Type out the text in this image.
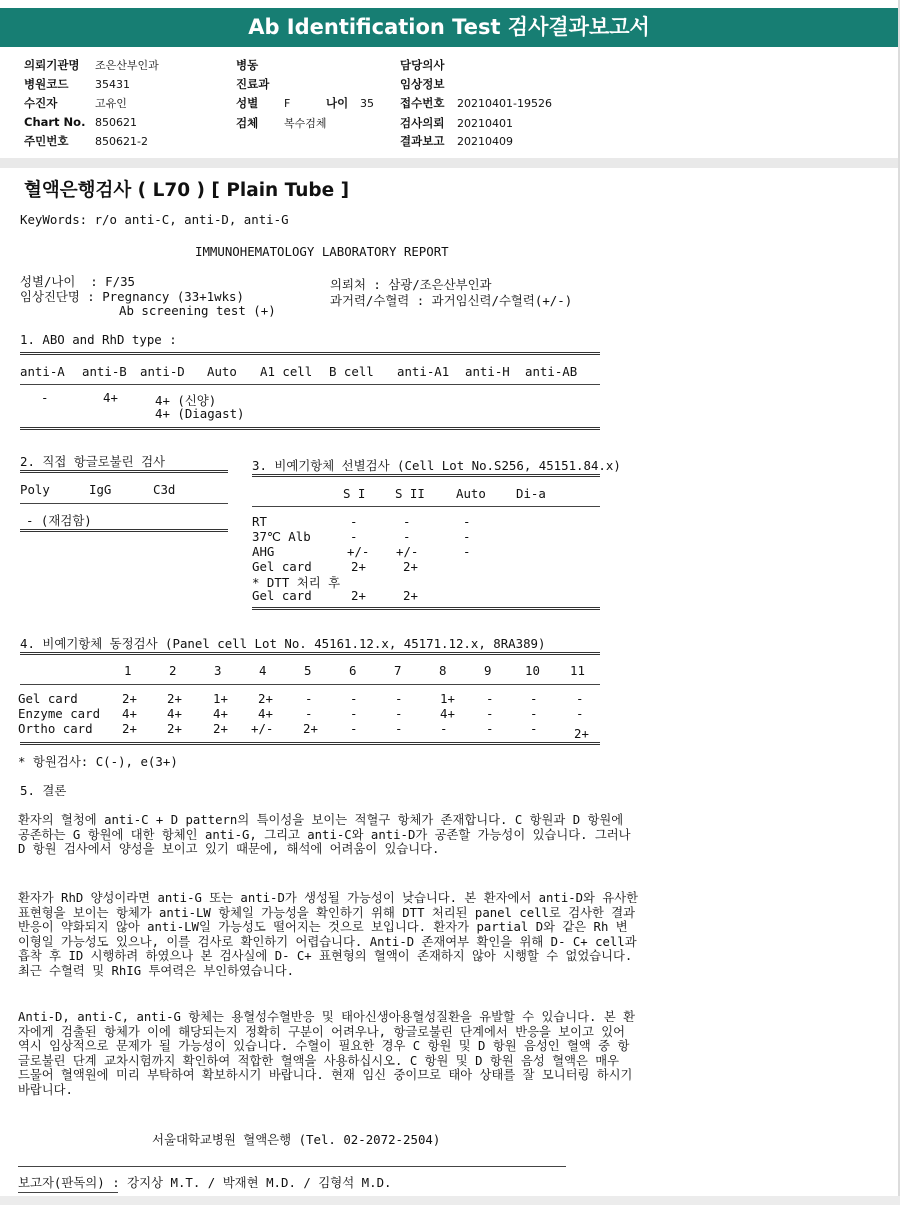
Ab Identification Test 검사결과보고서
의뢰기관명 조은산부인과
병원코드 35431
수진자	고유인
Chart No. 850621
주민번호 850621-2
병동
진료과
성별 F	나이 35
검체 복수검체
담당의사
임상정보
접수번호 20210401-19526
검사의뢰 20210401
결과보고 20210409
혈액은행검사 ( L70 ) [ Plain Tube ]
KeyWords: r/o anti-C, anti-D, anti-G
IMMUNOHEMATOLOGY LABORATORY REPORT
성별/나이  : F/35
임상진단명 : Pregnancy (33+1wks)
Ab screening test (+)
의뢰처 : 삼광/조은산부인과
과거력/수혈력 : 과거임신력/수혈력(+/-)
1. ABO and RhD type :
anti-A anti-B anti-D Auto A1 cell B cell anti-A1 anti-H anti-AB
-	4+	4+ (신양)
4+ (Diagast)
2. 직접 항글로불린 검사
Poly	IgG	C3d
- (재검함)
3. 비예기항체 선별검사 (Cell Lot No.S256, 45151.84.x)
S I S II	Auto Di-a
RT	-	-	-
37℃ Alb	-	-	-
AHG	+/- +/-	-
Gel card	2+	2+
* DTT 처리 후
Gel card	2+	2+
4. 비예기항체 동정검사 (Panel cell Lot No. 45161.12.x, 45171.12.x, 8RA389)
1	2	3	4	5	6	7	8	9	10 11
Gel card	2+ 2+	1+ 2+	-	-	-	1+	-	-	-
Enzyme card 4+ 4+	4+ 4+	-	-	-	4+	-	-	-
Ortho card 2+ 2+	2+ +/- 2+	-	-	-	-	-	2+
* 항원검사: C(-), e(3+)
5. 결론
환자의 혈청에 anti-C + D pattern의 특이성을 보이는 적혈구 항체가 존재합니다. C 항원과 D 항원에 공존하는 G 항원에 대한 항체인 anti-G, 그리고 anti-C와 anti-D가 공존할 가능성이 있습니다. 그러나 D 항원 검사에서 양성을 보이고 있기 때문에, 해석에 어려움이 있습니다.
환자가 RhD 양성이라면 anti-G 또는 anti-D가 생성될 가능성이 낮습니다. 본 환자에서 anti-D와 유사한 표현형을 보이는 항체가 anti-LW 항체일 가능성을 확인하기 위해 DTT 처리된 panel cell로 검사한 결과 반응이 약화되지 않아 anti-LW일 가능성도 떨어지는 것으로 보입니다. 환자가 partial D와 같은 Rh 변이형일 가능성도 있으나, 이를 검사로 확인하기 어렵습니다. Anti-D 존재여부 확인을 위해 D- C+ cell과 흡착 후 ID 시행하려 하였으나 본 검사실에 D- C+ 표현형의 혈액이 존재하지 않아 시행할 수 없었습니다. 최근 수혈력 및 RhIG 투여력은 부인하였습니다.
Anti-D, anti-C, anti-G 항체는 용혈성수혈반응 및 태아신생아용혈성질환을 유발할 수 있습니다. 본 환자에게 검출된 항체가 이에 해당되는지 정확히 구분이 어려우나, 항글로불린 단계에서 반응을 보이고 있어 역시 임상적으로 문제가 될 가능성이 있습니다. 수혈이 필요한 경우 C 항원 및 D 항원 음성인 혈액 중 항글로불린 단계 교차시험까지 확인하여 적합한 혈액을 사용하십시오. C 항원 및 D 항원 음성 혈액은 매우 드물어 혈액원에 미리 부탁하여 확보하시기 바랍니다. 현재 임신 중이므로 태아 상태를 잘 모니터링 하시기 바랍니다.
서울대학교병원 혈액은행 (Tel. 02-2072-2504)
보고자(판독의) : 강지상 M.T. / 박재현 M.D. / 김형석 M.D.
